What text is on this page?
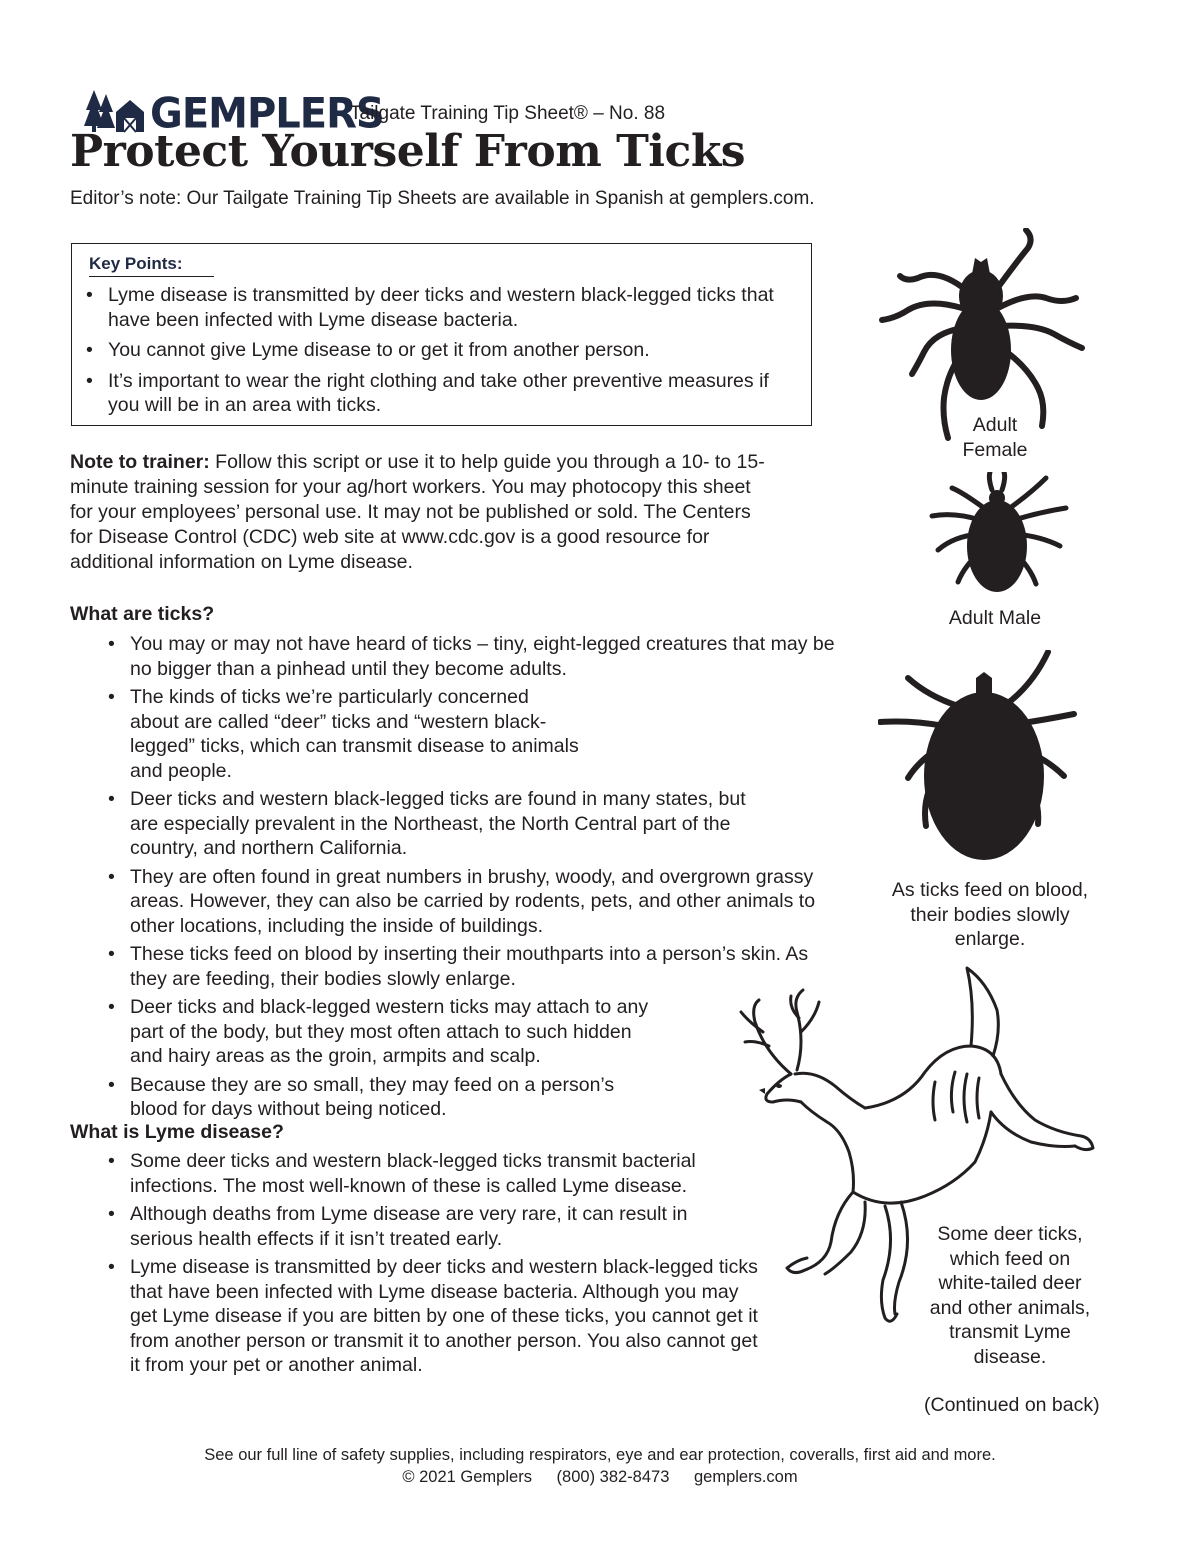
GEMPLERS
Tailgate Training Tip Sheet® – No. 88
Protect Yourself From Ticks
Editor’s note: Our Tailgate Training Tip Sheets are available in Spanish at gemplers.com.
Key Points:
• Lyme disease is transmitted by deer ticks and western black-legged ticks that have been infected with Lyme disease bacteria.
• You cannot give Lyme disease to or get it from another person.
• It’s important to wear the right clothing and take other preventive measures if you will be in an area with ticks.
Note to trainer: Follow this script or use it to help guide you through a 10- to 15-minute training session for your ag/hort workers. You may photocopy this sheet for your employees’ personal use. It may not be published or sold. The Centers for Disease Control (CDC) web site at www.cdc.gov is a good resource for additional information on Lyme disease.
What are ticks?
• You may or may not have heard of ticks – tiny, eight-legged creatures that may be no bigger than a pinhead until they become adults.
• The kinds of ticks we’re particularly concerned about are called “deer” ticks and “western black-legged” ticks, which can transmit disease to animals and people.
• Deer ticks and western black-legged ticks are found in many states, but are especially prevalent in the Northeast, the North Central part of the country, and northern California.
• They are often found in great numbers in brushy, woody, and overgrown grassy areas. However, they can also be carried by rodents, pets, and other animals to other locations, including the inside of buildings.
• These ticks feed on blood by inserting their mouthparts into a person’s skin. As they are feeding, their bodies slowly enlarge.
• Deer ticks and black-legged western ticks may attach to any part of the body, but they most often attach to such hidden and hairy areas as the groin, armpits and scalp.
• Because they are so small, they may feed on a person’s blood for days without being noticed.
What is Lyme disease?
• Some deer ticks and western black-legged ticks transmit bacterial infections. The most well-known of these is called Lyme disease.
• Although deaths from Lyme disease are very rare, it can result in serious health effects if it isn’t treated early.
• Lyme disease is transmitted by deer ticks and western black-legged ticks that have been infected with Lyme disease bacteria. Although you may get Lyme disease if you are bitten by one of these ticks, you cannot get it from another person or transmit it to another person. You also cannot get it from your pet or another animal.
Adult
Female
Adult Male
As ticks feed on blood,
their bodies slowly
enlarge.
Some deer ticks,
which feed on
white-tailed deer
and other animals,
transmit Lyme
disease.
(Continued on back)
See our full line of safety supplies, including respirators, eye and ear protection, coveralls, first aid and more.
© 2021 Gemplers (800) 382-8473 gemplers.com
